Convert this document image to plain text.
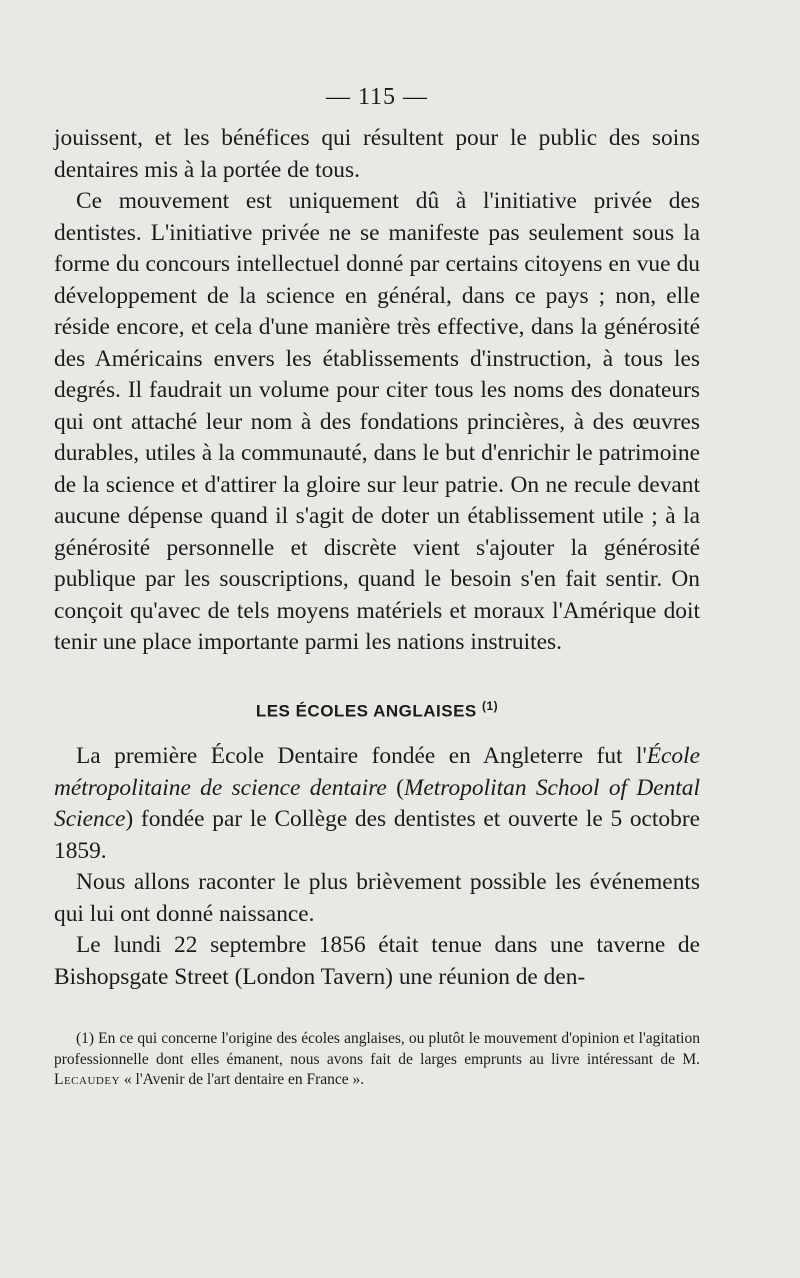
— 115 —

jouissent, et les bénéfices qui résultent pour le public des soins dentaires mis à la portée de tous.

Ce mouvement est uniquement dû à l'initiative privée des dentistes. L'initiative privée ne se manifeste pas seulement sous la forme du concours intellectuel donné par certains citoyens en vue du développement de la science en général, dans ce pays ; non, elle réside encore, et cela d'une manière très effective, dans la générosité des Américains envers les établissements d'instruction, à tous les degrés. Il faudrait un volume pour citer tous les noms des donateurs qui ont attaché leur nom à des fondations princières, à des œuvres durables, utiles à la communauté, dans le but d'enrichir le patrimoine de la science et d'attirer la gloire sur leur patrie. On ne recule devant aucune dépense quand il s'agit de doter un établissement utile ; à la générosité personnelle et discrète vient s'ajouter la générosité publique par les souscriptions, quand le besoin s'en fait sentir. On conçoit qu'avec de tels moyens matériels et moraux l'Amérique doit tenir une place importante parmi les nations instruites.

LES ÉCOLES ANGLAISES $^{(1)}$

La première École Dentaire fondée en Angleterre fut l'École métropolitaine de science dentaire (Metropolitan School of Dental Science) fondée par le Collège des dentistes et ouverte le 5 octobre 1859.

Nous allons raconter le plus brièvement possible les événements qui lui ont donné naissance.

Le lundi 22 septembre 1856 était tenue dans une taverne de Bishopsgate Street (London Tavern) une réunion de den-

(1) En ce qui concerne l'origine des écoles anglaises, ou plutôt le mouvement d'opinion et l'agitation professionnelle dont elles émanent, nous avons fait de larges emprunts au livre intéressant de M. Lecaudey « l'Avenir de l'art dentaire en France ».
